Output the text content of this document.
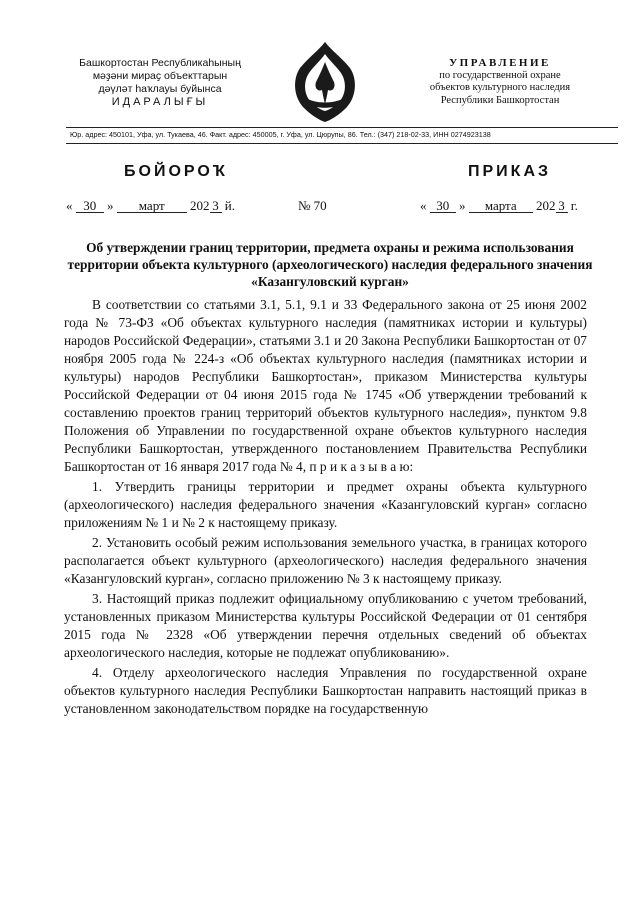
Башкортостан Республикаһының
мәҙәни мираҫ объекттарын
дәүләт һаҡлауы буйынса
ИДАРАЛЫҒЫ
УПРАВЛЕНИЕ
по государственной охране
объектов культурного наследия
Республики Башкортостан
Юр. адрес: 450101, Уфа, ул. Тукаева, 46. Факт. адрес: 450005, г. Уфа, ул. Цюрупы, 86. Тел.: (347) 218-02-33, ИНН 0274923138
БОЙОРОҠ	ПРИКАЗ
« 30 » март 202 3 й.	№ 70	« 30 » марта 202 3 г.
Об утверждении границ территории, предмета охраны и режима использования территории объекта культурного (археологического) наследия федерального значения «Казангуловский курган»

В соответствии со статьями 3.1, 5.1, 9.1 и 33 Федерального закона от 25 июня 2002 года № 73-ФЗ «Об объектах культурного наследия (памятниках истории и культуры) народов Российской Федерации», статьями 3.1 и 20 Закона Республики Башкортостан от 07 ноября 2005 года № 224-з «Об объектах культурного наследия (памятниках истории и культуры) народов Республики Башкортостан», приказом Министерства культуры Российской Федерации от 04 июня 2015 года № 1745 «Об утверждении требований к составлению проектов границ территорий объектов культурного наследия», пунктом 9.8 Положения об Управлении по государственной охране объектов культурного наследия Республики Башкортостан, утвержденного постановлением Правительства Республики Башкортостан от 16 января 2017 года № 4, п р и к а з ы в а ю:

1. Утвердить границы территории и предмет охраны объекта культурного (археологического) наследия федерального значения «Казангуловский курган» согласно приложениям № 1 и № 2 к настоящему приказу.

2. Установить особый режим использования земельного участка, в границах которого располагается объект культурного (археологического) наследия федерального значения «Казангуловский курган», согласно приложению № 3 к настоящему приказу.

3. Настоящий приказ подлежит официальному опубликованию с учетом требований, установленных приказом Министерства культуры Российской Федерации от 01 сентября 2015 года № 2328 «Об утверждении перечня отдельных сведений об объектах археологического наследия, которые не подлежат опубликованию».

4. Отделу археологического наследия Управления по государственной охране объектов культурного наследия Республики Башкортостан направить настоящий приказ в установленном законодательством порядке на государственную
